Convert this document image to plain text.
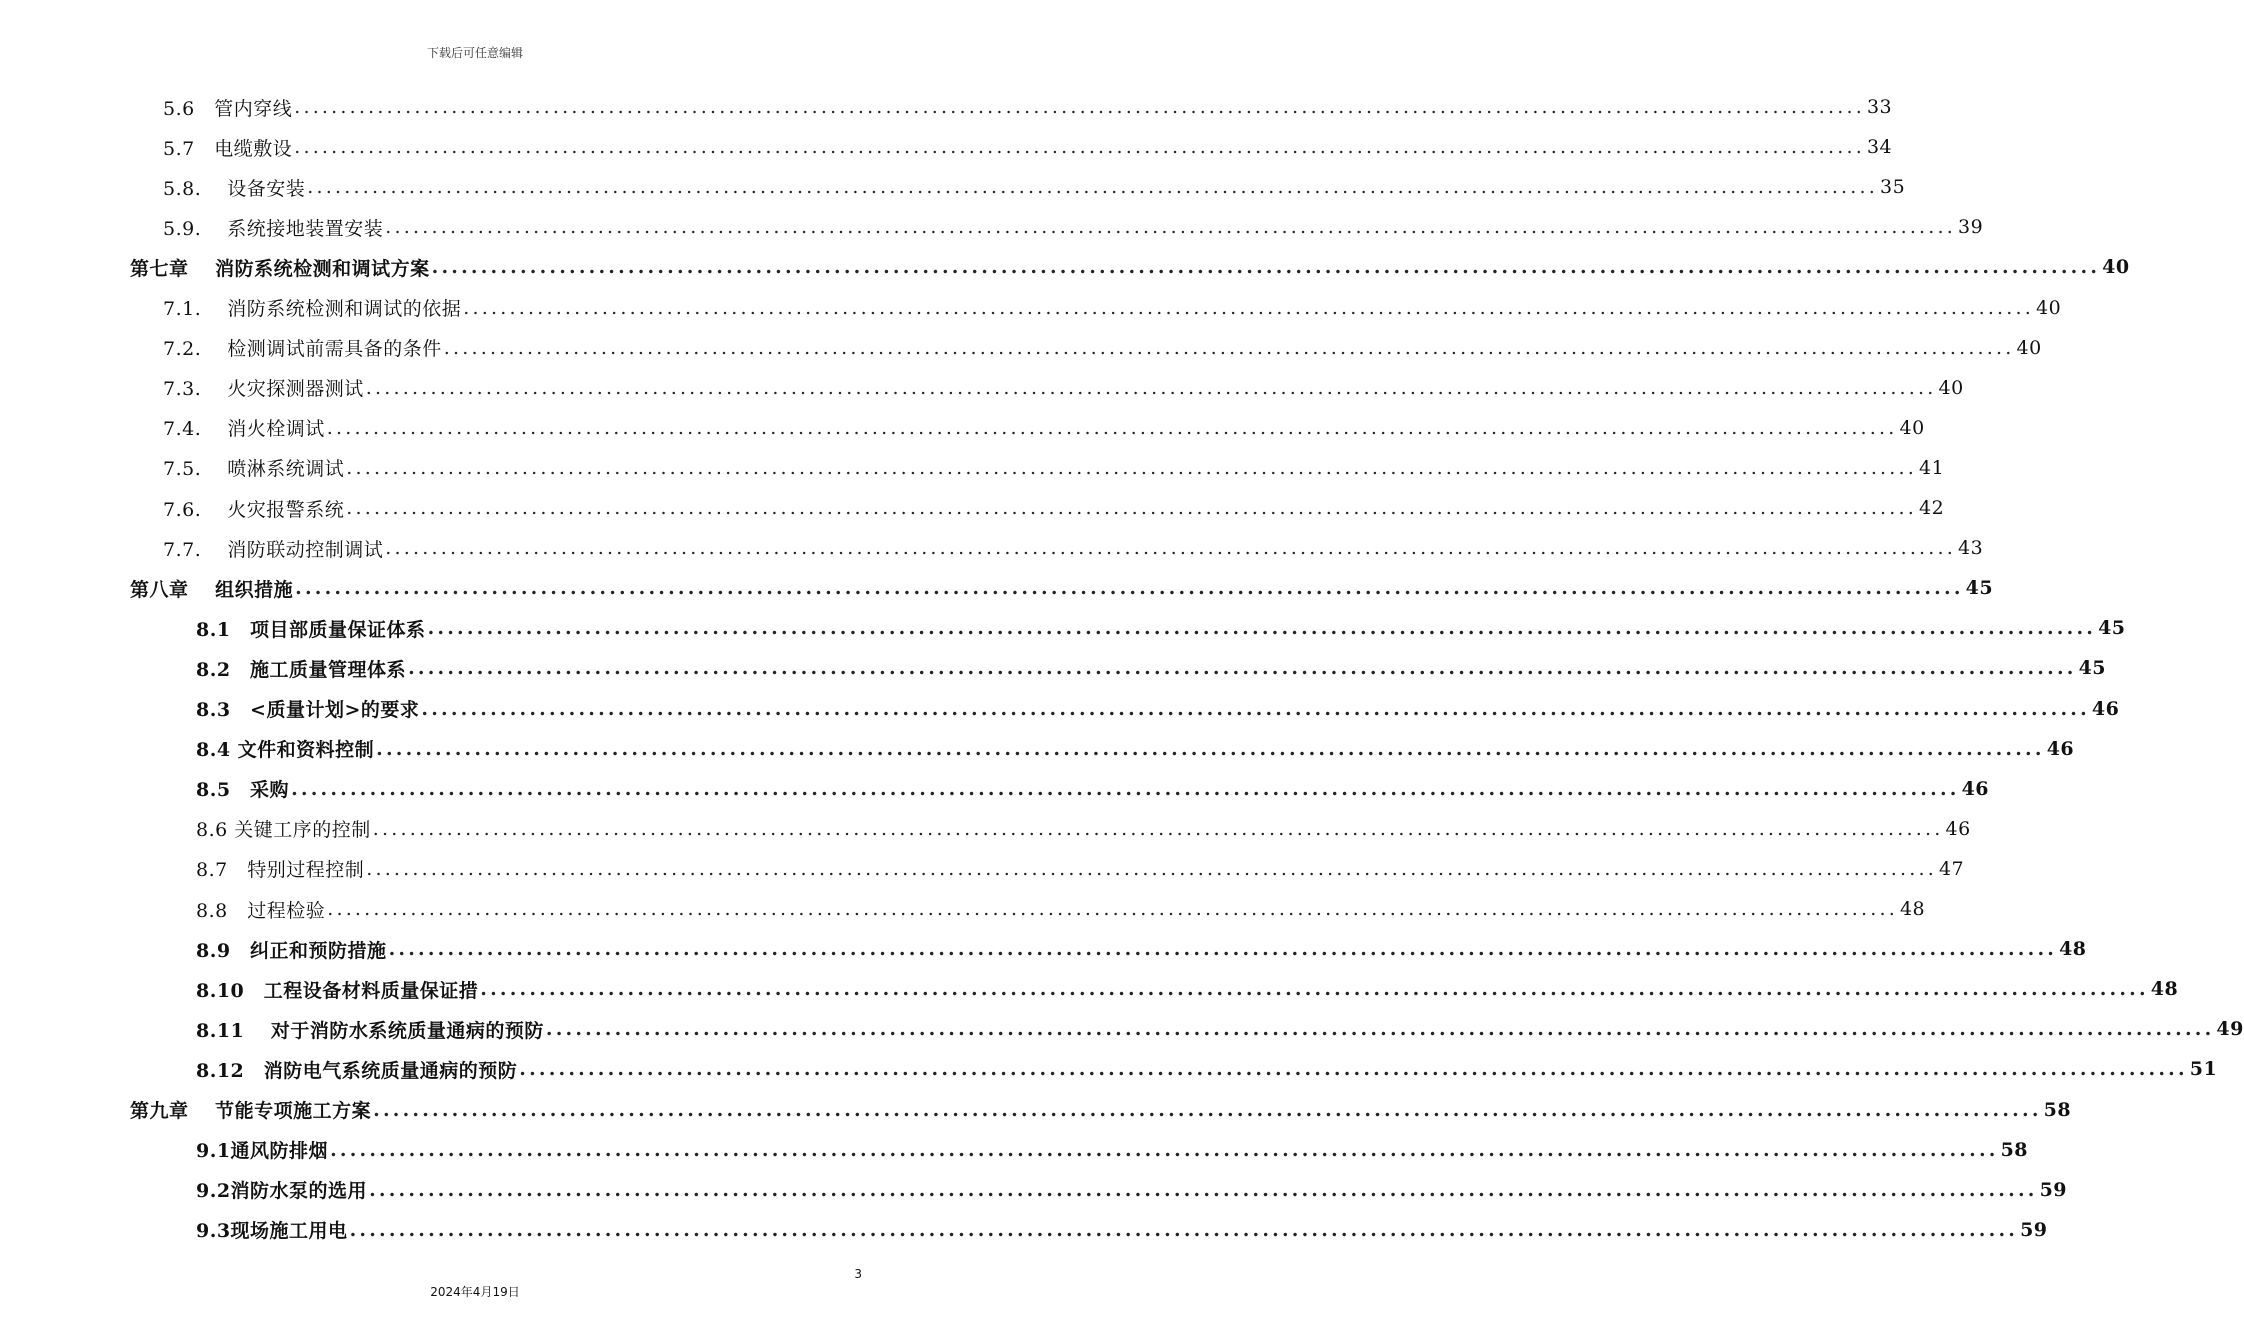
下载后可任意编辑
5.6　管内穿线 .....	33
5.7　电缆敷设 .....	34
5.8.　 设备安装 .....	35
5.9.　 系统接地装置安装 .....	39
第七章　 消防系统检测和调试方案 .....	40
7.1.　 消防系统检测和调试的依据 .....	40
7.2.　 检测调试前需具备的条件 .....	40
7.3.　 火灾探测器测试 .....	40
7.4.　 消火栓调试 .....	40
7.5.　 喷淋系统调试 .....	41
7.6.　 火灾报警系统 .....	42
7.7.　 消防联动控制调试 .....	43
第八章　 组织措施 .....	45
8.1　项目部质量保证体系 .....	45
8.2　施工质量管理体系 .....	45
8.3　<质量计划>的要求 .....	46
8.4 文件和资料控制 .....	46
8.5　采购 .....	46
8.6 关键工序的控制 .....	46
8.7　特别过程控制 .....	47
8.8　过程检验 .....	48
8.9　纠正和预防措施 .....	48
8.10　工程设备材料质量保证措 .....	48
8.11　 对于消防水系统质量通病的预防 .....	49
8.12　消防电气系统质量通病的预防 .....	51
第九章　 节能专项施工方案 .....	58
9.1通风防排烟 .....	58
9.2消防水泵的选用 .....	59
9.3现场施工用电 .....	59
3
2024年4月19日
